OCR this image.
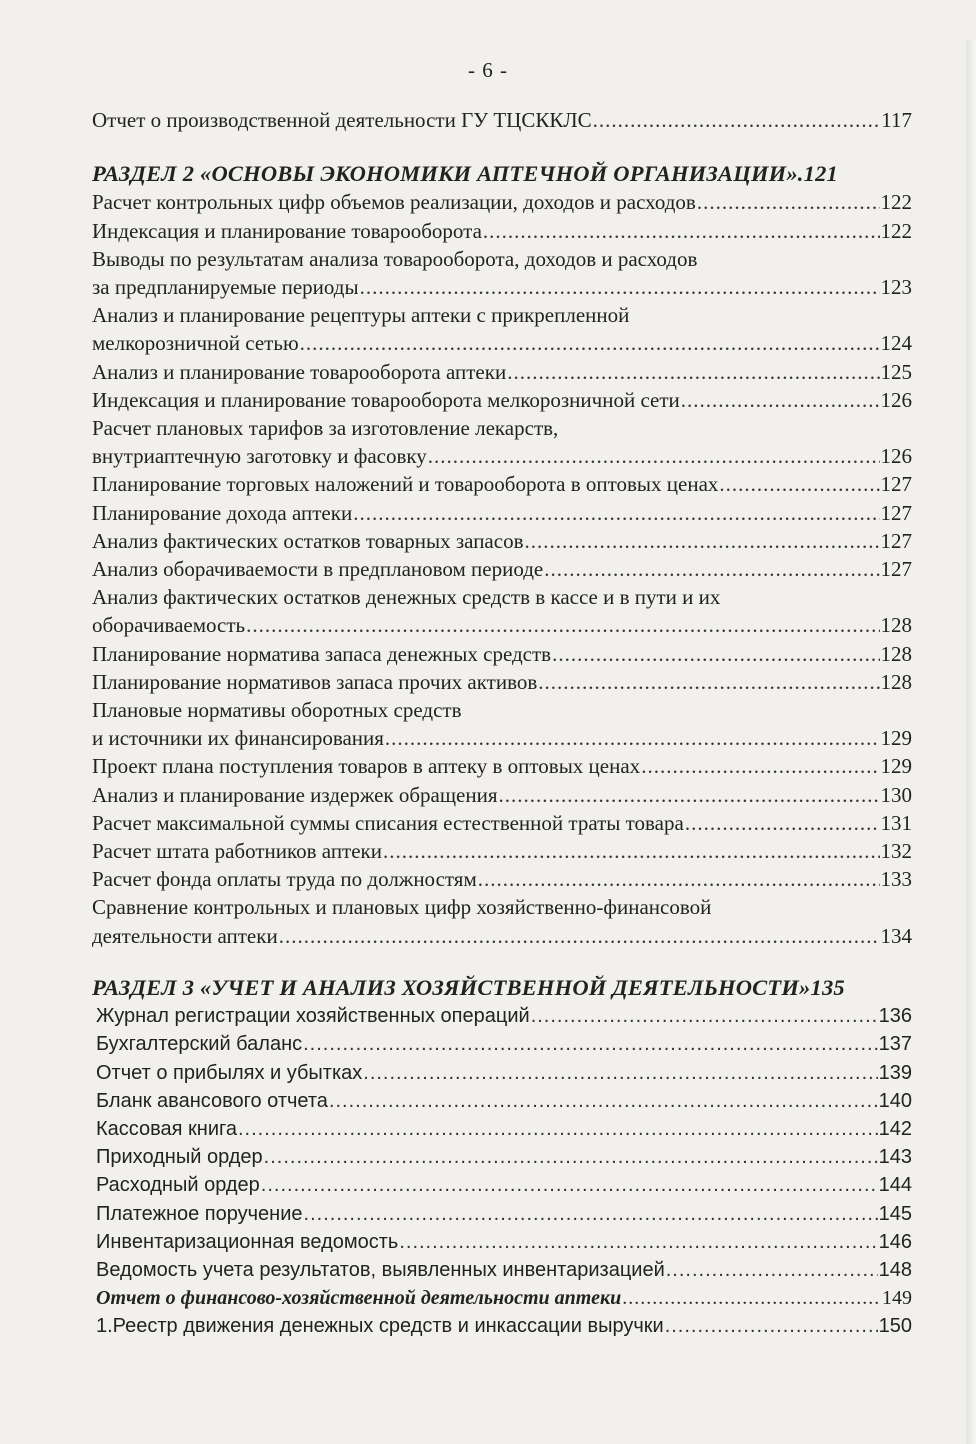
- 6 -
Отчет о производственной деятельности ГУ ТЦСККЛС .....	117
РАЗДЕЛ 2 «ОСНОВЫ ЭКОНОМИКИ АПТЕЧНОЙ ОРГАНИЗАЦИИ».121
Расчет контрольных цифр объемов реализации, доходов и расходов .....	122
Индексация и планирование товарооборота .....	122
Выводы по результатам анализа товарооборота, доходов и расходов
за предпланируемые периоды .....	123
Анализ и планирование рецептуры аптеки с прикрепленной
мелкорозничной сетью .....	124
Анализ и планирование товарооборота аптеки .....	125
Индексация и планирование товарооборота мелкорозничной сети .....	126
Расчет плановых тарифов за изготовление лекарств,
внутриаптечную заготовку и фасовку .....	126
Планирование торговых наложений и товарооборота в оптовых ценах .....	127
Планирование дохода аптеки .....	127
Анализ фактических остатков товарных запасов .....	127
Анализ оборачиваемости в предплановом периоде .....	127
Анализ фактических остатков денежных средств в кассе и в пути и их
оборачиваемость .....	128
Планирование норматива запаса денежных средств .....	128
Планирование нормативов запаса прочих активов .....	128
Плановые нормативы оборотных средств
и источники их финансирования .....	129
Проект плана поступления товаров в аптеку в оптовых ценах .....	129
Анализ и планирование издержек обращения .....	130
Расчет максимальной суммы списания естественной траты товара .....	131
Расчет штата работников аптеки .....	132
Расчет фонда оплаты труда по должностям .....	133
Сравнение контрольных и плановых цифр хозяйственно-финансовой
деятельности аптеки .....	134
РАЗДЕЛ 3 «УЧЕТ И АНАЛИЗ ХОЗЯЙСТВЕННОЙ ДЕЯТЕЛЬНОСТИ»135
Журнал регистрации хозяйственных операций .....	136
Бухгалтерский баланс .....	137
Отчет о прибылях и убытках .....	139
Бланк авансового отчета .....	140
Кассовая книга .....	142
Приходный ордер .....	143
Расходный ордер .....	144
Платежное поручение .....	145
Инвентаризационная ведомость .....	146
Ведомость учета результатов, выявленных инвентаризацией .....	148
Отчет о финансово-хозяйственной деятельности аптеки .....	149
1.Реестр движения денежных средств и инкассации выручки .....	150
